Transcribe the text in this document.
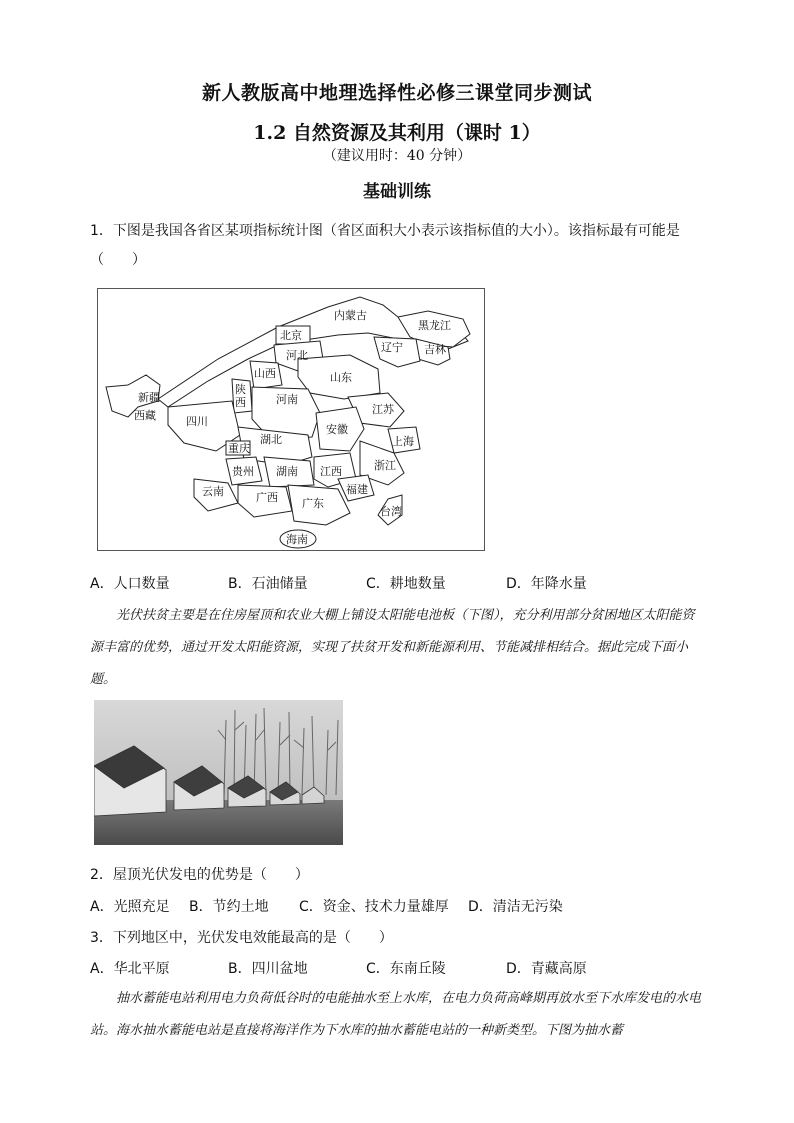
新人教版高中地理选择性必修三课堂同步测试
1.2 自然资源及其利用（课时 1）
（建议用时：40 分钟）
基础训练
1．下图是我国各省区某项指标统计图（省区面积大小表示该指标值的大小）。该指标最有可能是
（　　）
内蒙古
黑龙江
北京
河北
辽宁 吉林
山西	山东
陕
西
新疆
西藏
河南
江苏
四川
安徽
上海
湖北
重庆
浙江
贵州 湖南 江西
云南	广西
福建
广东
台湾
海南
A．人口数量	B．石油储量	C．耕地数量	D．年降水量
光伏扶贫主要是在住房屋顶和农业大棚上铺设太阳能电池板（下图），充分利用部分贫困地区太阳能资源丰富的优势，通过开发太阳能资源，实现了扶贫开发和新能源利用、节能减排相结合。据此完成下面小题。
2．屋顶光伏发电的优势是（　　）
A．光照充足	B．节约土地	C．资金、技术力量雄厚	D．清洁无污染
3．下列地区中，光伏发电效能最高的是（　　）
A．华北平原	B．四川盆地	C．东南丘陵	D．青藏高原
抽水蓄能电站利用电力负荷低谷时的电能抽水至上水库，在电力负荷高峰期再放水至下水库发电的水电站。海水抽水蓄能电站是直接将海洋作为下水库的抽水蓄能电站的一种新类型。下图为抽水蓄
